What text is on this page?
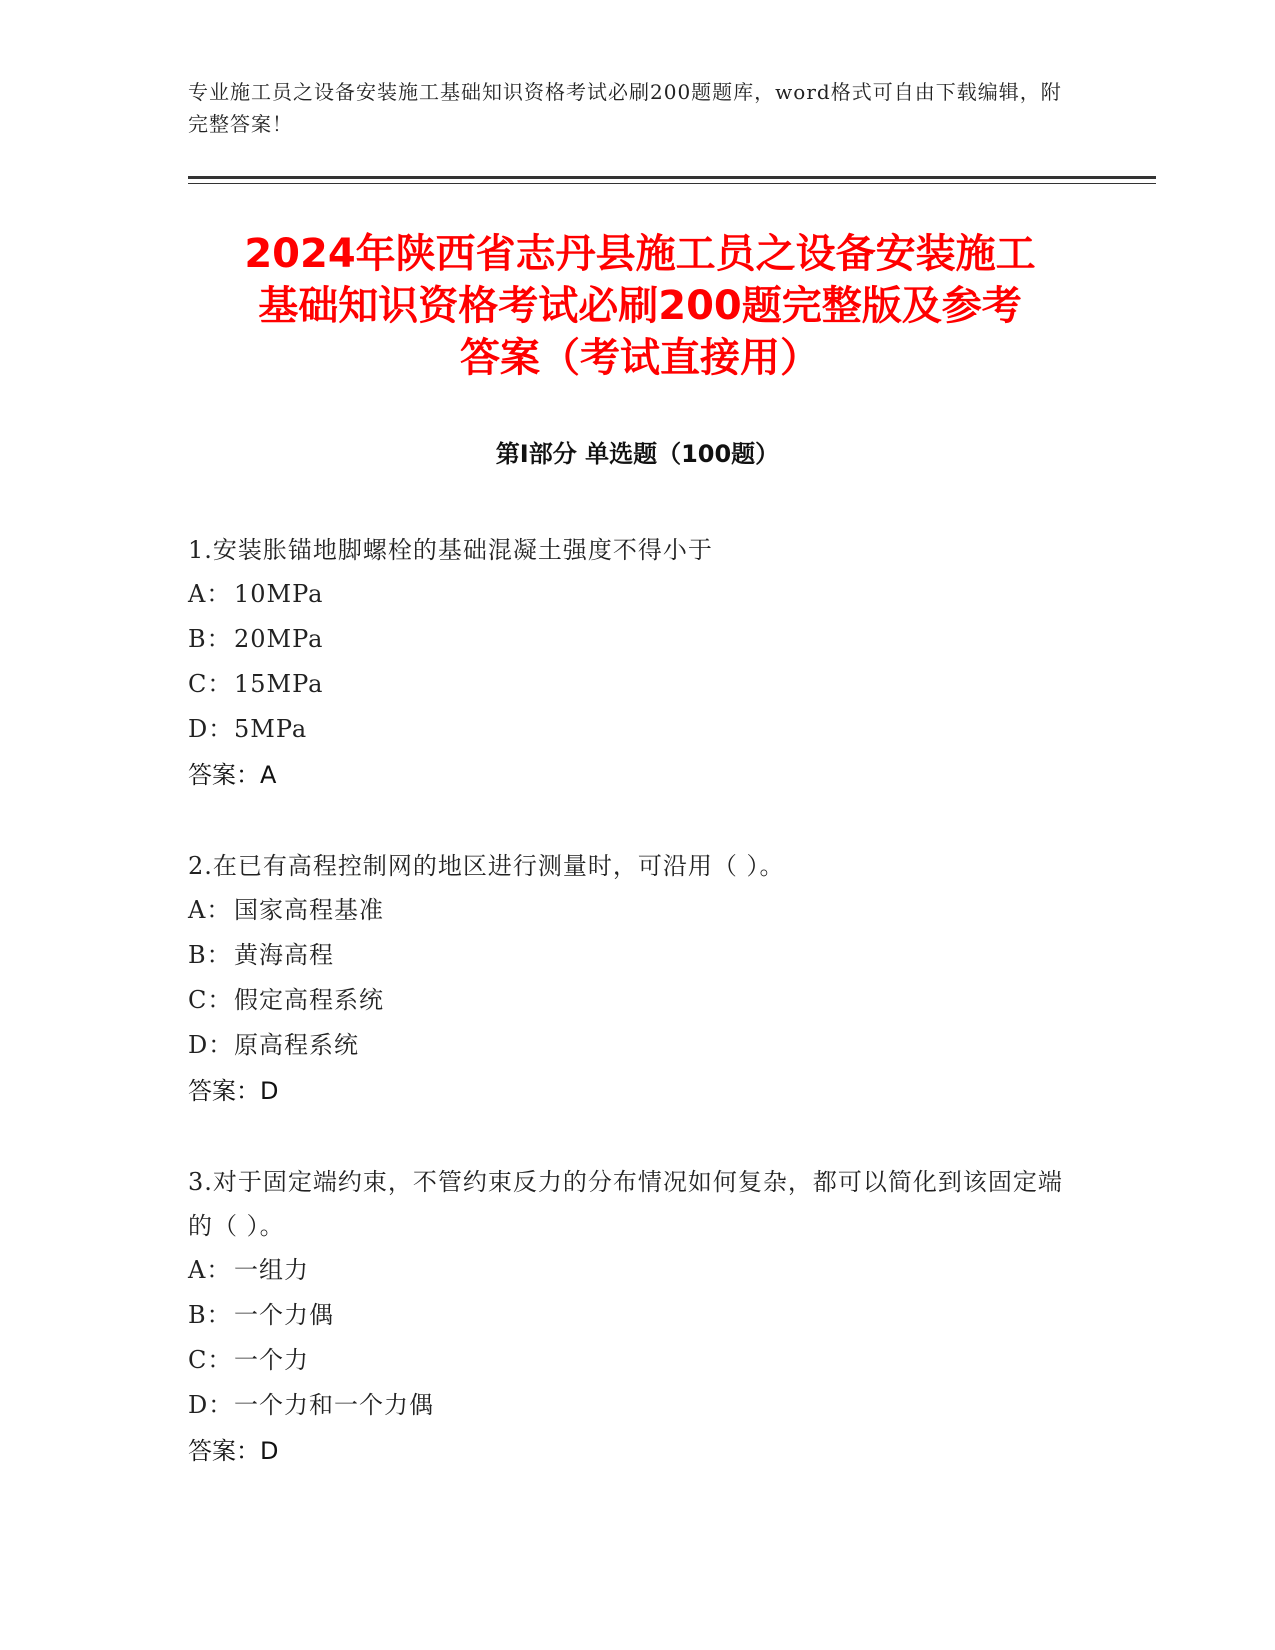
专业施工员之设备安装施工基础知识资格考试必刷200题题库，word格式可自由下载编辑，附完整答案！
2024年陕西省志丹县施工员之设备安装施工
基础知识资格考试必刷200题完整版及参考
答案（考试直接用）
第Ⅰ部分 单选题（100题）
1.安装胀锚地脚螺栓的基础混凝土强度不得小于
A： 10MPa
B： 20MPa
C： 15MPa
D： 5MPa
答案： A
2.在已有高程控制网的地区进行测量时，可沿用（ ）。
A： 国家高程基准
B： 黄海高程
C： 假定高程系统
D： 原高程系统
答案： D
3.对于固定端约束，不管约束反力的分布情况如何复杂，都可以简化到该固定端的（ ）。
A： 一组力
B： 一个力偶
C： 一个力
D： 一个力和一个力偶
答案： D
